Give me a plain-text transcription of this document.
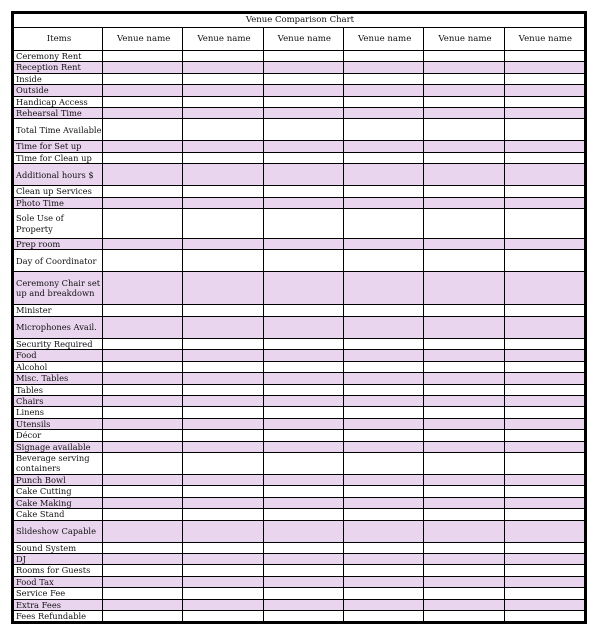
Venue Comparison Chart						
Items	Venue name	Venue name	Venue name	Venue name	Venue name	Venue name
Ceremony Rent						
Reception Rent						
Inside						
Outside						
Handicap Access						
Rehearsal Time						
Total Time Available						
Time for Set up						
Time for Clean up						
Additional hours $						
Clean up Services						
Photo Time						
Sole Use of Property						
Prep room						
Day of Coordinator						
Ceremony Chair set up and breakdown						
Minister						
Microphones Avail.						
Security Required						
Food						
Alcohol						
Misc. Tables						
Tables						
Chairs						
Linens						
Utensils						
Décor						
Signage available						
Beverage serving containers						
Punch Bowl						
Cake Cutting						
Cake Making						
Cake Stand						
Slideshow Capable						
Sound System						
DJ						
Rooms for Guests						
Food Tax						
Service Fee						
Extra Fees						
Fees Refundable						
